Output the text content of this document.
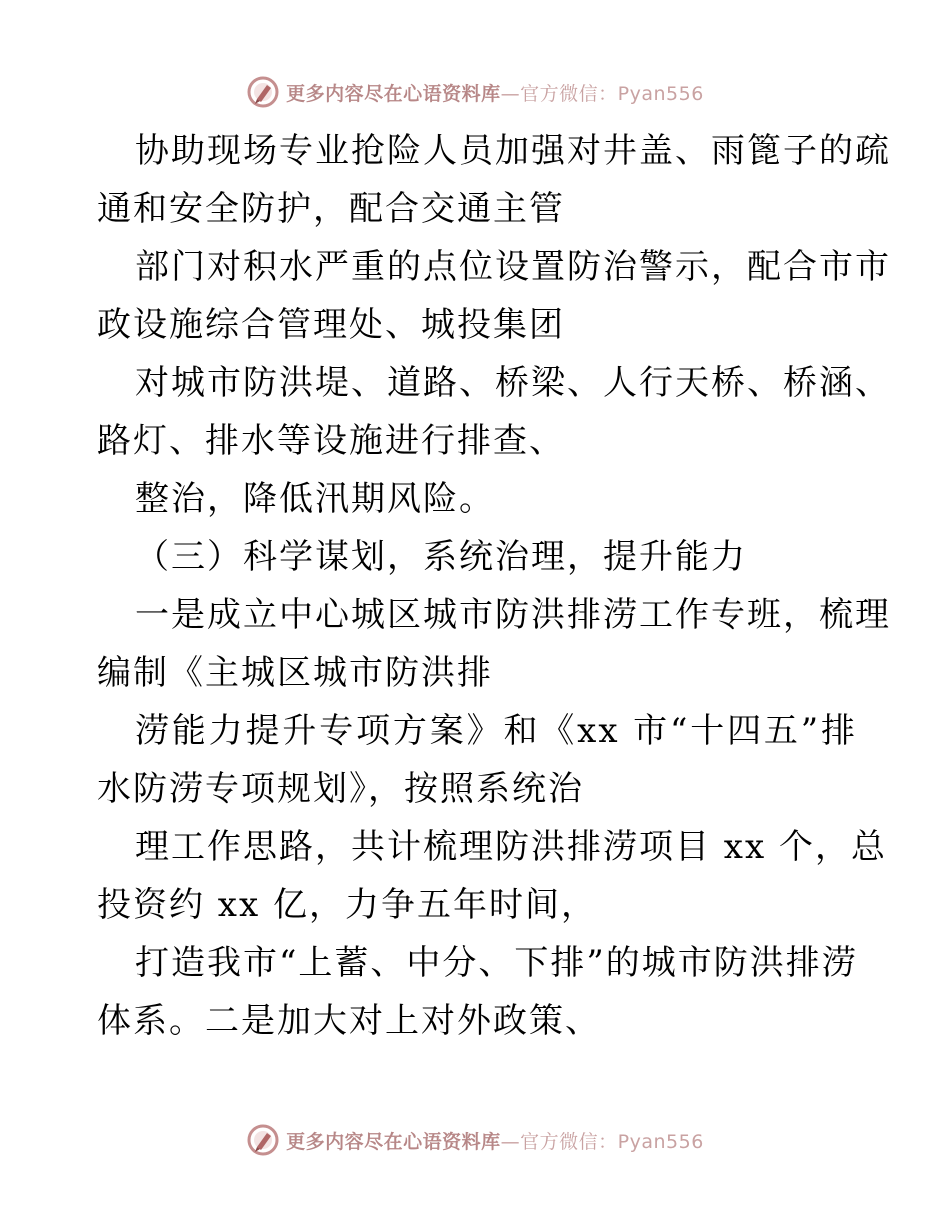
更多内容尽在心语资料库—官方微信：Pyan556
协助现场专业抢险人员加强对井盖、雨篦子的疏
通和安全防护，配合交通主管
部门对积水严重的点位设置防治警示，配合市市
政设施综合管理处、城投集团
对城市防洪堤、道路、桥梁、人行天桥、桥涵、
路灯、排水等设施进行排查、
整治，降低汛期风险。
（三）科学谋划，系统治理，提升能力
一是成立中心城区城市防洪排涝工作专班，梳理
编制《主城区城市防洪排
涝能力提升专项方案》和《xx 市“十四五”排
水防涝专项规划》，按照系统治
理工作思路，共计梳理防洪排涝项目 xx 个，总
投资约 xx 亿，力争五年时间，
打造我市“上蓄、中分、下排”的城市防洪排涝
体系。二是加大对上对外政策、
更多内容尽在心语资料库—官方微信：Pyan556
